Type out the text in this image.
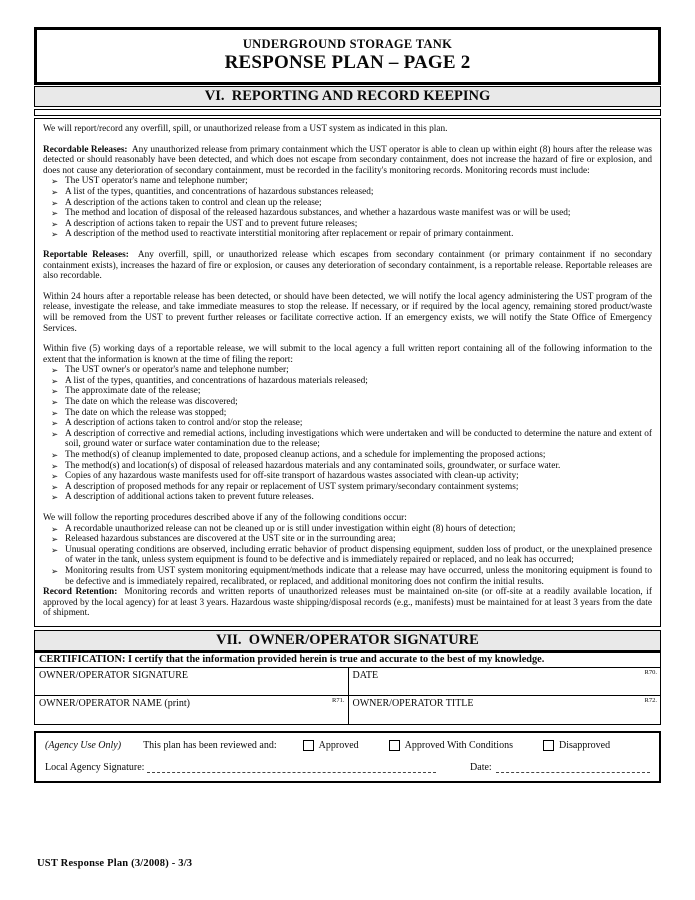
UNDERGROUND STORAGE TANK
RESPONSE PLAN – PAGE 2
VI.  REPORTING AND RECORD KEEPING

We will report/record any overfill, spill, or unauthorized release from a UST system as indicated in this plan.

Recordable Releases: Any unauthorized release from primary containment which the UST operator is able to clean up within eight (8) hours after the release was detected or should reasonably have been detected, and which does not escape from secondary containment, does not increase the hazard of fire or explosion, and does not cause any deterioration of secondary containment, must be recorded in the facility's monitoring records. Monitoring records must include:

➢ The UST operator's name and telephone number;
➢ A list of the types, quantities, and concentrations of hazardous substances released;
➢ A description of the actions taken to control and clean up the release;
➢ The method and location of disposal of the released hazardous substances, and whether a hazardous waste manifest was or will be used;
➢ A description of actions taken to repair the UST and to prevent future releases;
➢ A description of the method used to reactivate interstitial monitoring after replacement or repair of primary containment.

Reportable Releases: Any overfill, spill, or unauthorized release which escapes from secondary containment (or primary containment if no secondary containment exists), increases the hazard of fire or explosion, or causes any deterioration of secondary containment, is a reportable release. Reportable releases are also recordable.

Within 24 hours after a reportable release has been detected, or should have been detected, we will notify the local agency administering the UST program of the release, investigate the release, and take immediate measures to stop the release. If necessary, or if required by the local agency, remaining stored product/waste will be removed from the UST to prevent further releases or facilitate corrective action. If an emergency exists, we will notify the State Office of Emergency Services.

Within five (5) working days of a reportable release, we will submit to the local agency a full written report containing all of the following information to the extent that the information is known at the time of filing the report:

➢ The UST owner's or operator's name and telephone number;
➢ A list of the types, quantities, and concentrations of hazardous materials released;
➢ The approximate date of the release;
➢ The date on which the release was discovered;
➢ The date on which the release was stopped;
➢ A description of actions taken to control and/or stop the release;
➢ A description of corrective and remedial actions, including investigations which were undertaken and will be conducted to determine the nature and extent of soil, ground water or surface water contamination due to the release;
➢ The method(s) of cleanup implemented to date, proposed cleanup actions, and a schedule for implementing the proposed actions;
➢ The method(s) and location(s) of disposal of released hazardous materials and any contaminated soils, groundwater, or surface water.
➢ Copies of any hazardous waste manifests used for off-site transport of hazardous wastes associated with clean-up activity;
➢ A description of proposed methods for any repair or replacement of UST system primary/secondary containment systems;
➢ A description of additional actions taken to prevent future releases.

We will follow the reporting procedures described above if any of the following conditions occur:

➢ A recordable unauthorized release can not be cleaned up or is still under investigation within eight (8) hours of detection;
➢ Released hazardous substances are discovered at the UST site or in the surrounding area;
➢ Unusual operating conditions are observed, including erratic behavior of product dispensing equipment, sudden loss of product, or the unexplained presence of water in the tank, unless system equipment is found to be defective and is immediately repaired or replaced, and no leak has occurred;
➢ Monitoring results from UST system monitoring equipment/methods indicate that a release may have occurred, unless the monitoring equipment is found to be defective and is immediately repaired, recalibrated, or replaced, and additional monitoring does not confirm the initial results.

Record Retention: Monitoring records and written reports of unauthorized releases must be maintained on-site (or off-site at a readily available location, if approved by the local agency) for at least 3 years. Hazardous waste shipping/disposal records (e.g., manifests) must be maintained for at least 3 years from the date of shipment.

VII.  OWNER/OPERATOR SIGNATURE
CERTIFICATION: I certify that the information provided herein is true and accurate to the best of my knowledge.
OWNER/OPERATOR SIGNATURE	DATE	R70.
OWNER/OPERATOR NAME (print)	R71. OWNER/OPERATOR TITLE	R72.
(Agency Use Only) This plan has been reviewed and:	Approved	Approved With Conditions	Disapproved
Local Agency Signature:	Date:
UST Response Plan (3/2008) - 3/3
